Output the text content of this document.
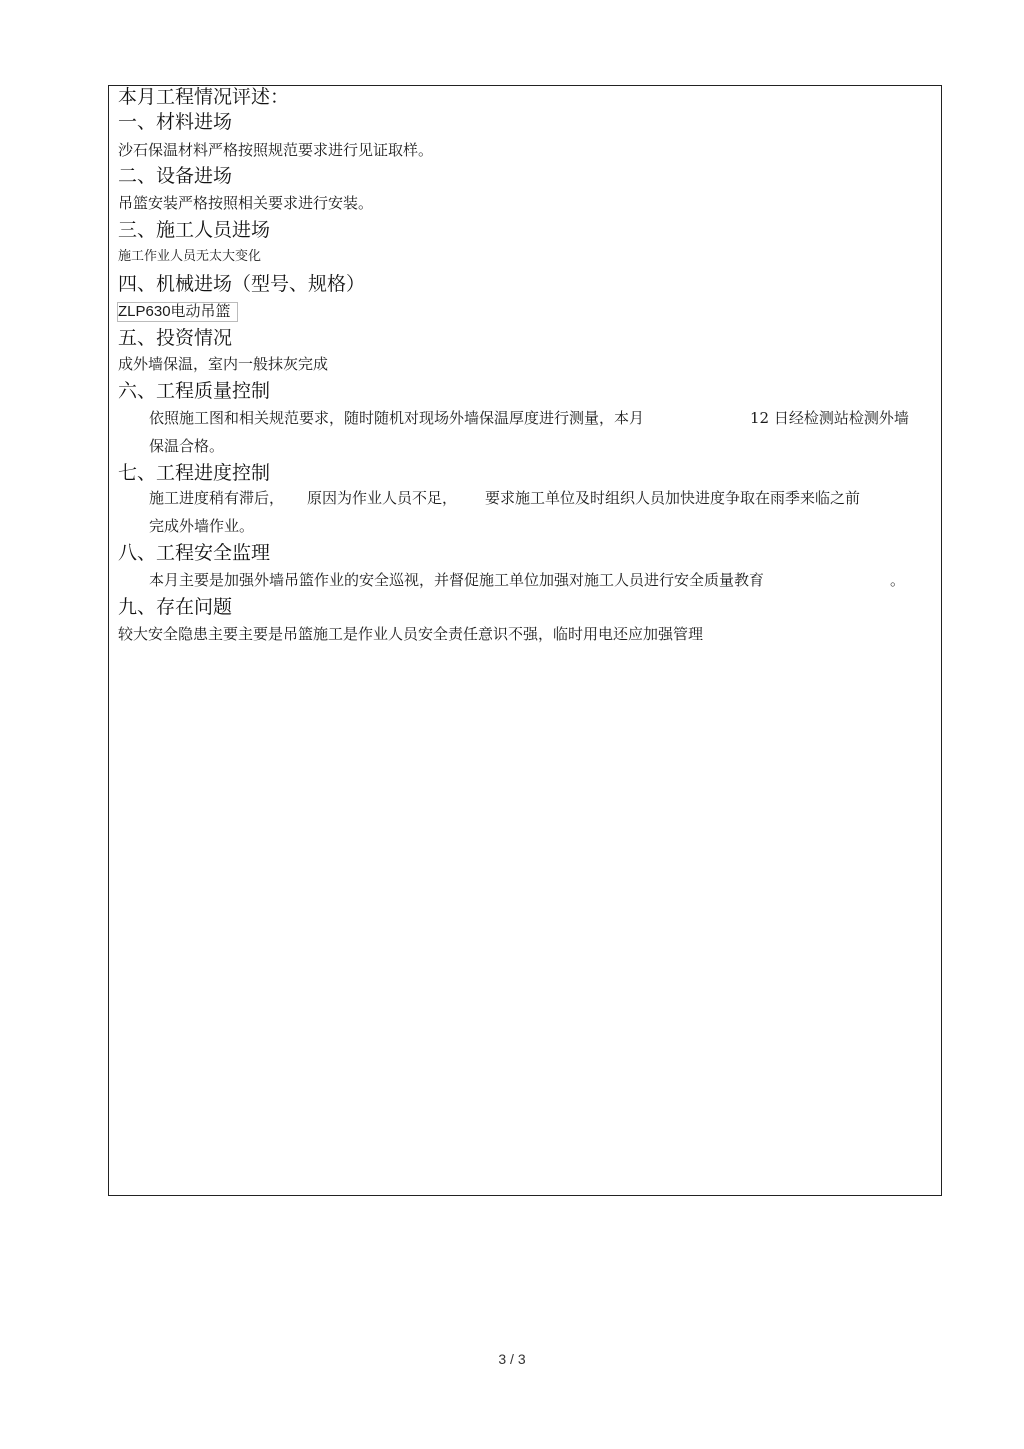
本月工程情况评述：
一、材料进场
沙石保温材料严格按照规范要求进行见证取样。
二、设备进场
吊篮安装严格按照相关要求进行安装。
三、施工人员进场
施工作业人员无太大变化
四、机械进场（型号、规格）
ZLP630电动吊篮
五、投资情况
成外墙保温，室内一般抹灰完成
六、工程质量控制
依照施工图和相关规范要求，随时随机对现场外墙保温厚度进行测量，本月	12 日经检测站检测外墙
保温合格。
七、工程进度控制
施工进度稍有滞后， 原因为作业人员不足， 要求施工单位及时组织人员加快进度争取在雨季来临之前
完成外墙作业。
八、工程安全监理
本月主要是加强外墙吊篮作业的安全巡视，并督促施工单位加强对施工人员进行安全质量教育	。
九、存在问题
较大安全隐患主要主要是吊篮施工是作业人员安全责任意识不强，临时用电还应加强管理
3 / 3
